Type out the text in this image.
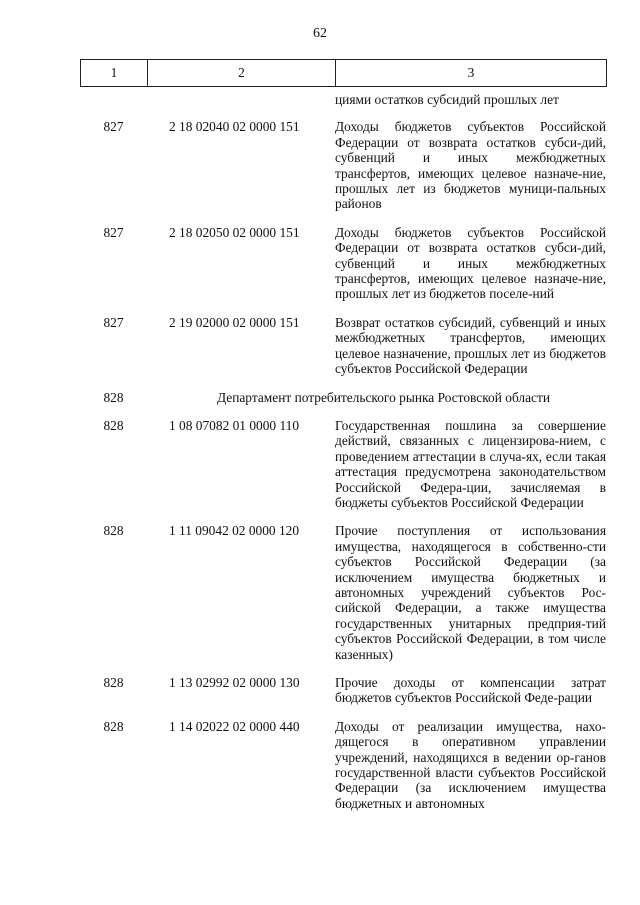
62
1	2	3
циями остатков субсидий прошлых лет
827	2 18 02040 02 0000 151	Доходы бюджетов субъектов Российской Федерации от возврата остатков субси-дий, субвенций и иных межбюджетных трансфертов, имеющих целевое назначе-ние, прошлых лет из бюджетов муници-пальных районов
827	2 18 02050 02 0000 151	Доходы бюджетов субъектов Российской Федерации от возврата остатков субси-дий, субвенций и иных межбюджетных трансфертов, имеющих целевое назначе-ние, прошлых лет из бюджетов поселе-ний
827	2 19 02000 02 0000 151	Возврат остатков субсидий, субвенций и иных межбюджетных трансфертов, имеющих целевое назначение, прошлых лет из бюджетов субъектов Российской Федерации
828	Департамент потребительского рынка Ростовской области
828	1 08 07082 01 0000 110	Государственная пошлина за совершение действий, связанных с лицензирова-нием, с проведением аттестации в случа-ях, если такая аттестация предусмотрена законодательством Российской Федера-ции, зачисляемая в бюджеты субъектов Российской Федерации
828	1 11 09042 02 0000 120	Прочие поступления от использования имущества, находящегося в собственно-сти субъектов Российской Федерации (за исключением имущества бюджетных и автономных учреждений субъектов Рос-сийской Федерации, а также имущества государственных унитарных предприя-тий субъектов Российской Федерации, в том числе казенных)
828	1 13 02992 02 0000 130	Прочие доходы от компенсации затрат бюджетов субъектов Российской Феде-рации
828	1 14 02022 02 0000 440	Доходы от реализации имущества, нахо-дящегося в оперативном управлении учреждений, находящихся в ведении ор-ганов государственной власти субъектов Российской Федерации (за исключением имущества бюджетных и автономных
